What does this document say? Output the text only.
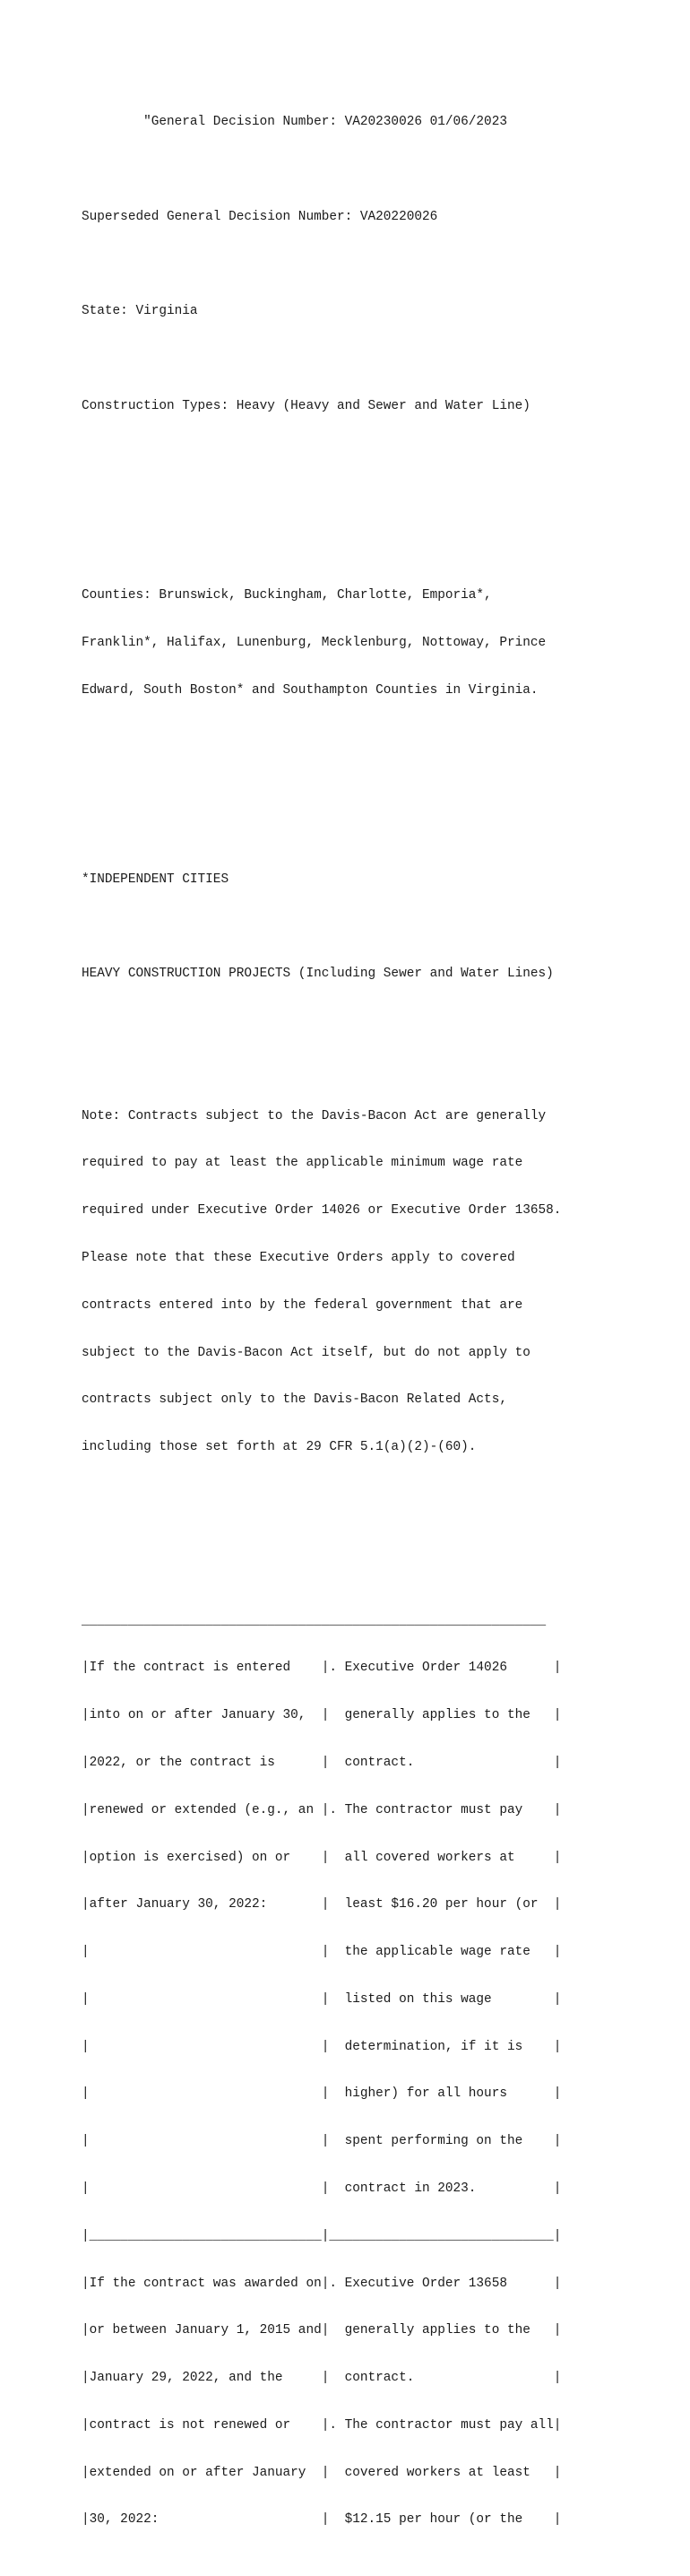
"General Decision Number: VA20230026 01/06/2023

Superseded General Decision Number: VA20220026

State: Virginia

Construction Types: Heavy (Heavy and Sewer and Water Line)

Counties: Brunswick, Buckingham, Charlotte, Emporia*,

Franklin*, Halifax, Lunenburg, Mecklenburg, Nottoway, Prince

Edward, South Boston* and Southampton Counties in Virginia.

*INDEPENDENT CITIES

HEAVY CONSTRUCTION PROJECTS (Including Sewer and Water Lines)

Note: Contracts subject to the Davis-Bacon Act are generally

required to pay at least the applicable minimum wage rate

required under Executive Order 14026 or Executive Order 13658.

Please note that these Executive Orders apply to covered

contracts entered into by the federal government that are

subject to the Davis-Bacon Act itself, but do not apply to

contracts subject only to the Davis-Bacon Related Acts,

including those set forth at 29 CFR 5.1(a)(2)-(60).

____________________________________________________________

|If the contract is entered    |. Executive Order 14026      |

|into on or after January 30,  |  generally applies to the   |

|2022, or the contract is      |  contract.                  |

|renewed or extended (e.g., an |. The contractor must pay    |

|option is exercised) on or    |  all covered workers at     |

|after January 30, 2022:       |  least $16.20 per hour (or  |

|                              |  the applicable wage rate   |

|                              |  listed on this wage        |

|                              |  determination, if it is    |

|                              |  higher) for all hours      |

|                              |  spent performing on the    |

|                              |  contract in 2023.          |

|______________________________|_____________________________|

|If the contract was awarded on|. Executive Order 13658      |

|or between January 1, 2015 and|  generally applies to the   |

|January 29, 2022, and the     |  contract.                  |

|contract is not renewed or    |. The contractor must pay all|

|extended on or after January  |  covered workers at least   |

|30, 2022:                     |  $12.15 per hour (or the    |
